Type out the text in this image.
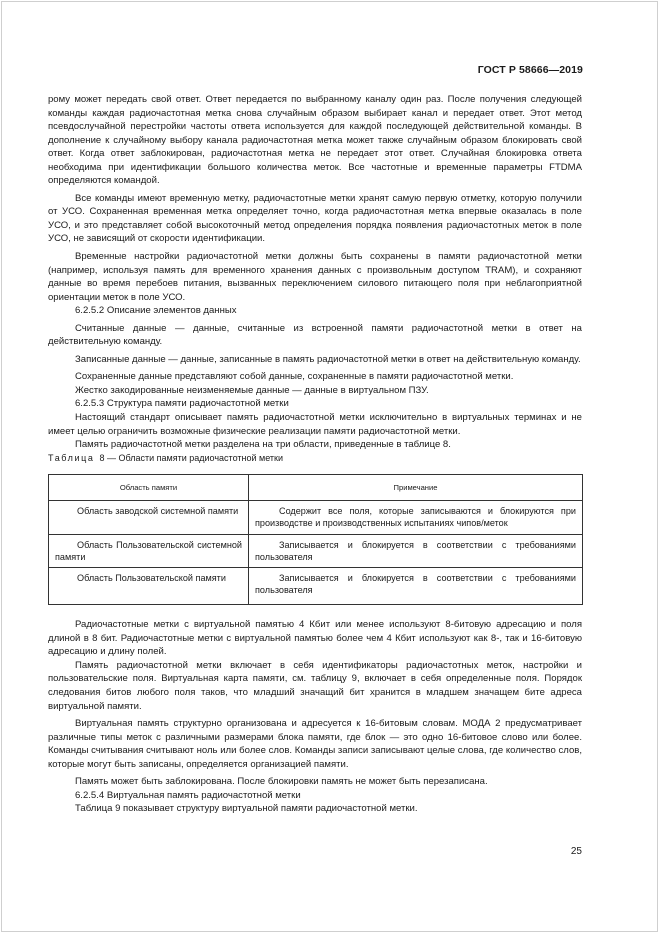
ГОСТ Р 58666—2019

рому может передать свой ответ. Ответ передается по выбранному каналу один раз. После получения следующей команды каждая радиочастотная метка снова случайным образом выбирает канал и передает ответ. Этот метод псевдослучайной перестройки частоты ответа используется для каждой последующей действительной команды. В дополнение к случайному выбору канала радиочастотная метка может также случайным образом блокировать свой ответ. Когда ответ заблокирован, радиочастотная метка не передает этот ответ. Случайная блокировка ответа необходима при идентификации большого количества меток. Все частотные и временные параметры FTDMA определяются командой.

Все команды имеют временную метку, радиочастотные метки хранят самую первую отметку, которую получили от УСО. Сохраненная временная метка определяет точно, когда радиочастотная метка впервые оказалась в поле УСО, и это представляет собой высокоточный метод определения порядка появления радиочастотных меток в поле УСО, не зависящий от скорости идентификации.

Временные настройки радиочастотной метки должны быть сохранены в памяти радиочастотной метки (например, используя память для временного хранения данных с произвольным доступом TRAM), и сохраняют данные во время перебоев питания, вызванных переключением силового питающего поля при неблагоприятной ориентации меток в поле УСО.

6.2.5.2 Описание элементов данных

Считанные данные — данные, считанные из встроенной памяти радиочастотной метки в ответ на действительную команду.

Записанные данные — данные, записанные в память радиочастотной метки в ответ на действительную команду.

Сохраненные данные представляют собой данные, сохраненные в памяти радиочастотной метки.

Жестко закодированные неизменяемые данные — данные в виртуальном ПЗУ.

6.2.5.3 Структура памяти радиочастотной метки

Настоящий стандарт описывает память радиочастотной метки исключительно в виртуальных терминах и не имеет целью ограничить возможные физические реализации памяти радиочастотной метки.

Память радиочастотной метки разделена на три области, приведенные в таблице 8.

Таблица 8 — Области памяти радиочастотной метки

Область памяти	Примечание
Область заводской системной памяти	Содержит все поля, которые записываются и блокируются при производстве и производственных испытаниях чипов/меток
Область Пользовательской системной памяти	Записывается и блокируется в соответствии с требованиями пользователя
Область Пользовательской памяти	Записывается и блокируется в соответствии с требованиями пользователя

Радиочастотные метки с виртуальной памятью 4 Кбит или менее используют 8-битовую адресацию и поля длиной в 8 бит. Радиочастотные метки с виртуальной памятью более чем 4 Кбит используют как 8-, так и 16-битовую адресацию и длину полей.

Память радиочастотной метки включает в себя идентификаторы радиочастотных меток, настройки и пользовательские поля. Виртуальная карта памяти, см. таблицу 9, включает в себя определенные поля. Порядок следования битов любого поля таков, что младший значащий бит хранится в младшем значащем бите адреса виртуальной памяти.

Виртуальная память структурно организована и адресуется к 16-битовым словам. МОДА 2 предусматривает различные типы меток с различными размерами блока памяти, где блок — это одно 16-битовое слово или более. Команды считывания считывают ноль или более слов. Команды записи записывают целые слова, где количество слов, которые могут быть записаны, определяется организацией памяти.

Память может быть заблокирована. После блокировки память не может быть перезаписана.

6.2.5.4 Виртуальная память радиочастотной метки

Таблица 9 показывает структуру виртуальной памяти радиочастотной метки.

25
